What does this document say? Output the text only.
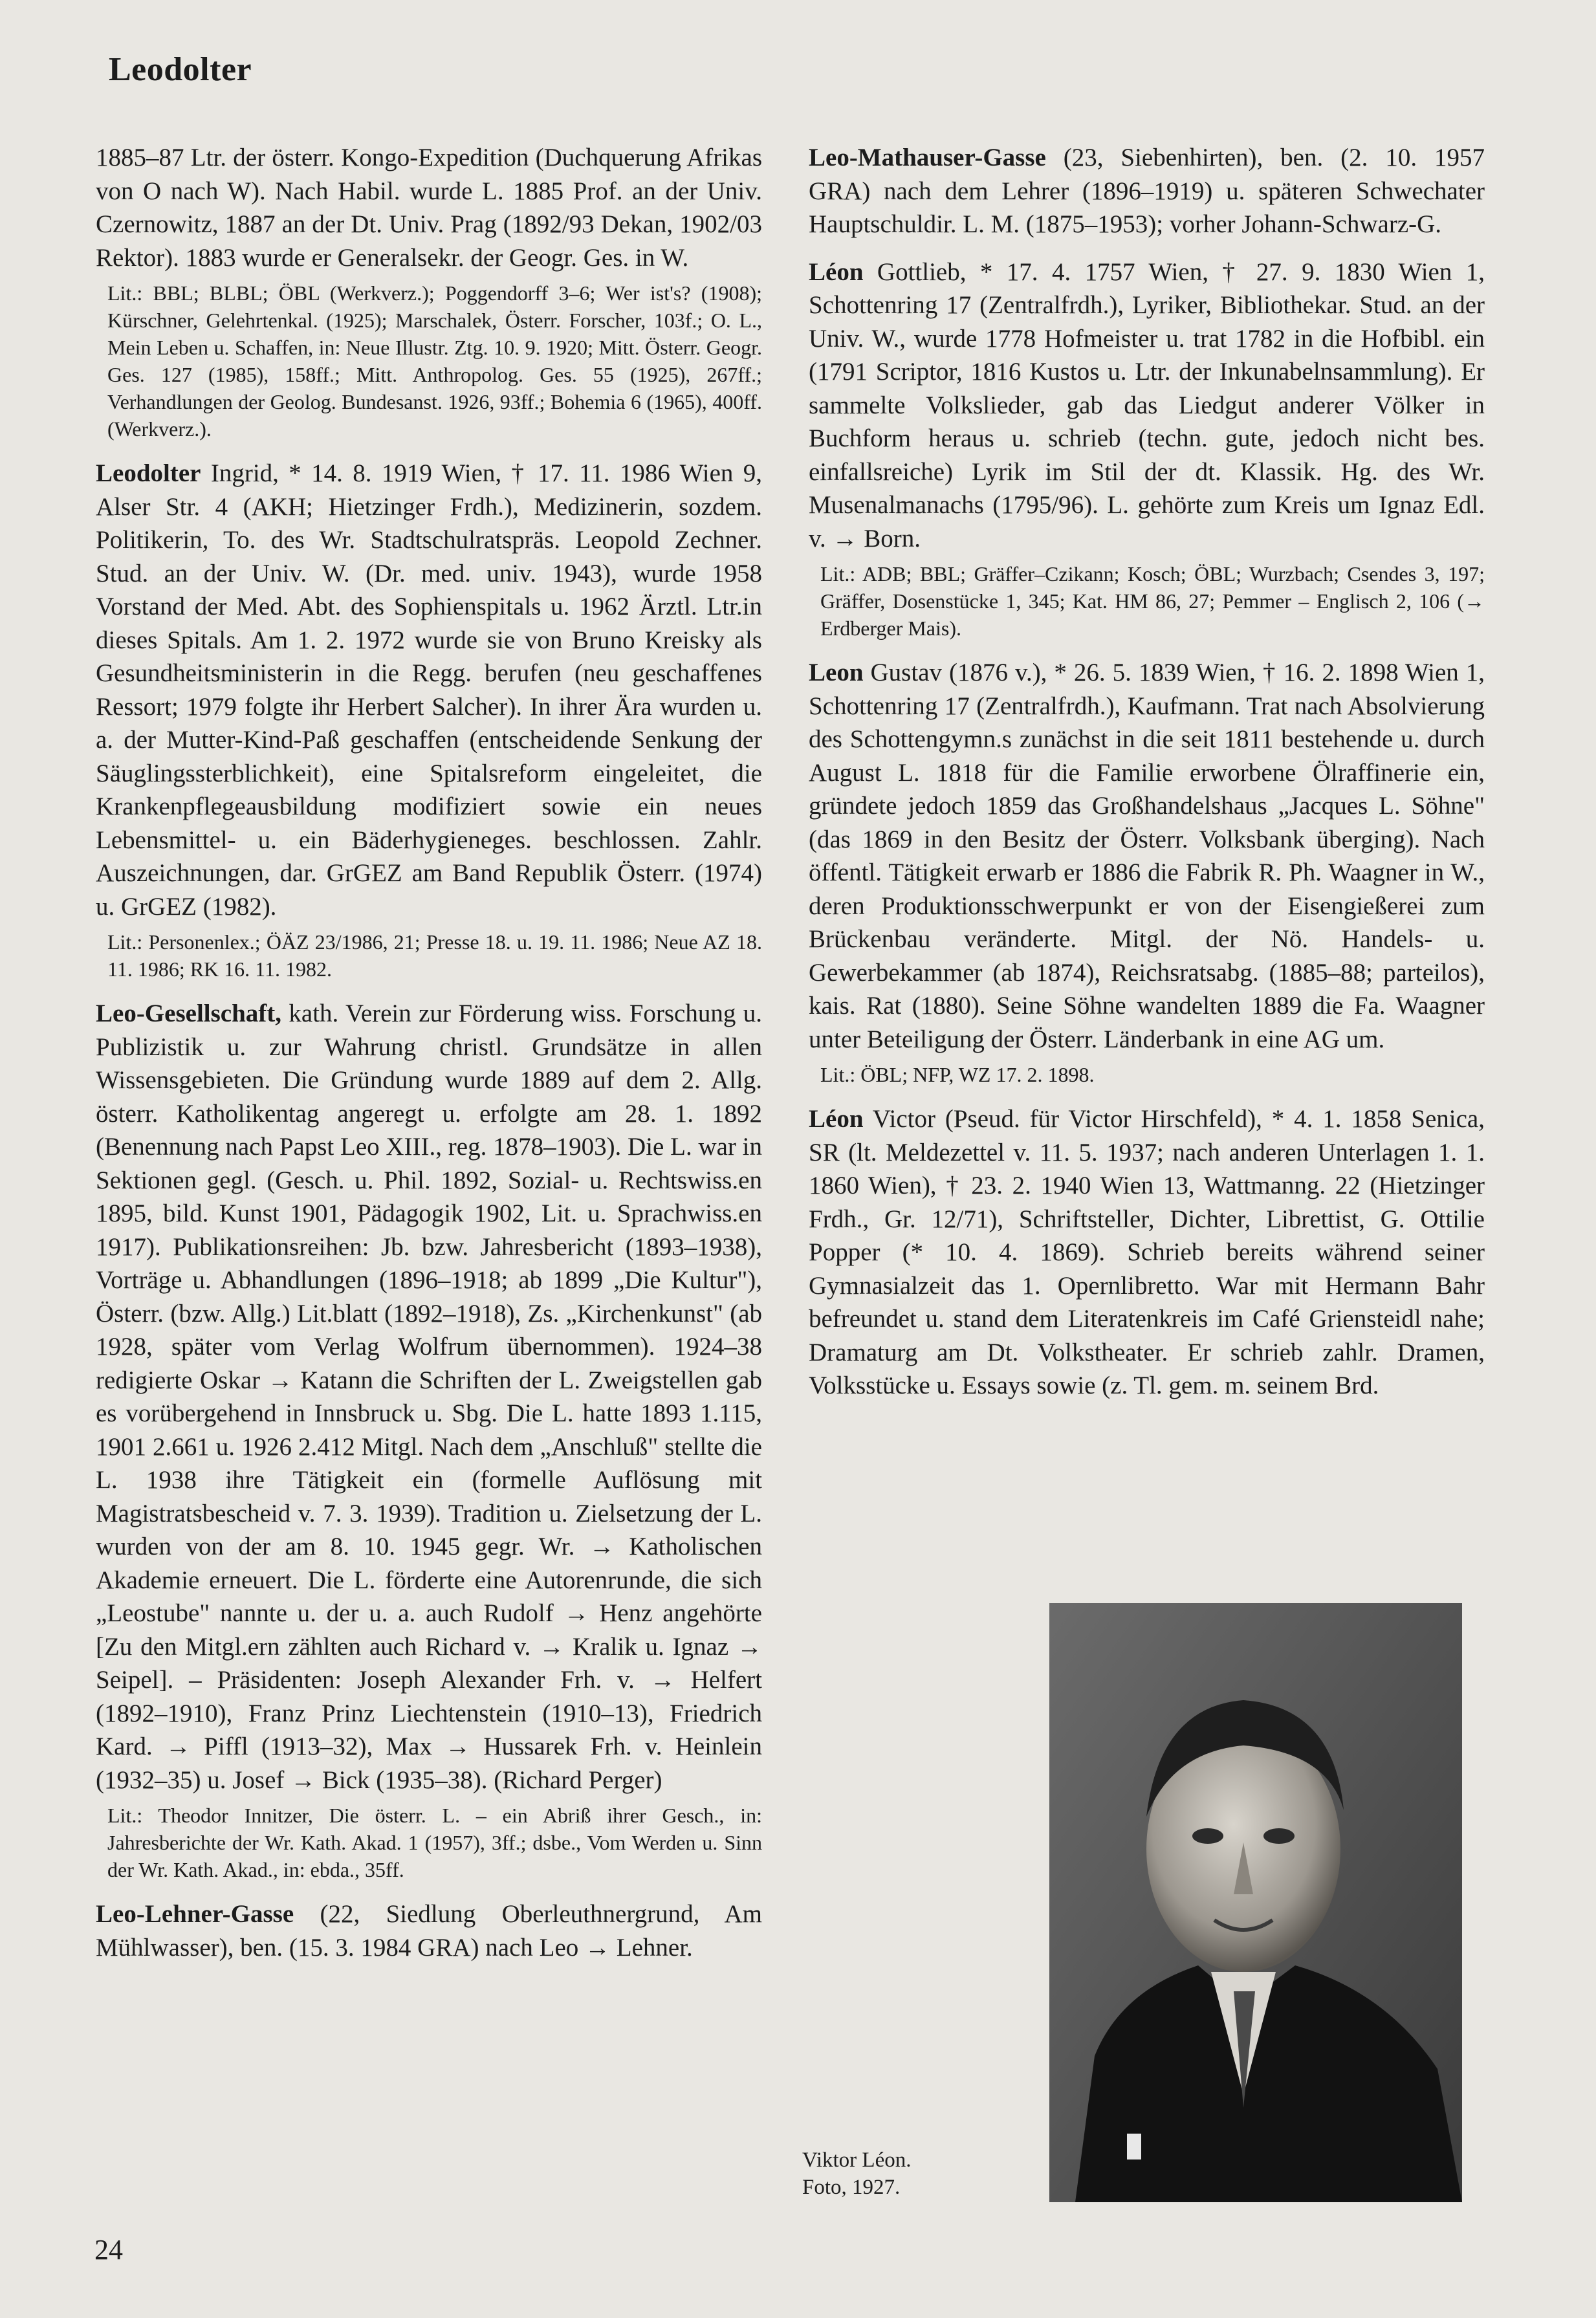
Leodolter

1885–87 Ltr. der österr. Kongo-Expedition (Duchquerung Afrikas von O nach W). Nach Habil. wurde L. 1885 Prof. an der Univ. Czernowitz, 1887 an der Dt. Univ. Prag (1892/93 Dekan, 1902/03 Rektor). 1883 wurde er Generalsekr. der Geogr. Ges. in W.

Lit.: BBL; BLBL; ÖBL (Werkverz.); Poggendorff 3–6; Wer ist's? (1908); Kürschner, Gelehrtenkal. (1925); Marschalek, Österr. Forscher, 103f.; O. L., Mein Leben u. Schaffen, in: Neue Illustr. Ztg. 10. 9. 1920; Mitt. Österr. Geogr. Ges. 127 (1985), 158ff.; Mitt. Anthropolog. Ges. 55 (1925), 267ff.; Verhandlungen der Geolog. Bundesanst. 1926, 93ff.; Bohemia 6 (1965), 400ff. (Werkverz.).

Leodolter Ingrid, * 14. 8. 1919 Wien, † 17. 11. 1986 Wien 9, Alser Str. 4 (AKH; Hietzinger Frdh.), Medizinerin, sozdem. Politikerin, To. des Wr. Stadtschulratspräs. Leopold Zechner. Stud. an der Univ. W. (Dr. med. univ. 1943), wurde 1958 Vorstand der Med. Abt. des Sophienspitals u. 1962 Ärztl. Ltr.in dieses Spitals. Am 1. 2. 1972 wurde sie von Bruno Kreisky als Gesundheitsministerin in die Regg. berufen (neu geschaffenes Ressort; 1979 folgte ihr Herbert Salcher). In ihrer Ära wurden u. a. der Mutter-Kind-Paß geschaffen (entscheidende Senkung der Säuglingssterblichkeit), eine Spitalsreform eingeleitet, die Krankenpflegeausbildung modifiziert sowie ein neues Lebensmittel- u. ein Bäderhygieneges. beschlossen. Zahlr. Auszeichnungen, dar. GrGEZ am Band Republik Österr. (1974) u. GrGEZ (1982).

Lit.: Personenlex.; ÖÄZ 23/1986, 21; Presse 18. u. 19. 11. 1986; Neue AZ 18. 11. 1986; RK 16. 11. 1982.

Leo-Gesellschaft, kath. Verein zur Förderung wiss. Forschung u. Publizistik u. zur Wahrung christl. Grundsätze in allen Wissensgebieten. Die Gründung wurde 1889 auf dem 2. Allg. österr. Katholikentag angeregt u. erfolgte am 28. 1. 1892 (Benennung nach Papst Leo XIII., reg. 1878–1903). Die L. war in Sektionen gegl. (Gesch. u. Phil. 1892, Sozial- u. Rechtswiss.en 1895, bild. Kunst 1901, Pädagogik 1902, Lit. u. Sprachwiss.en 1917). Publikationsreihen: Jb. bzw. Jahresbericht (1893–1938), Vorträge u. Abhandlungen (1896–1918; ab 1899 „Die Kultur"), Österr. (bzw. Allg.) Lit.blatt (1892–1918), Zs. „Kirchenkunst" (ab 1928, später vom Verlag Wolfrum übernommen). 1924–38 redigierte Oskar → Katann die Schriften der L. Zweigstellen gab es vorübergehend in Innsbruck u. Sbg. Die L. hatte 1893 1.115, 1901 2.661 u. 1926 2.412 Mitgl. Nach dem „Anschluß" stellte die L. 1938 ihre Tätigkeit ein (formelle Auflösung mit Magistratsbescheid v. 7. 3. 1939). Tradition u. Zielsetzung der L. wurden von der am 8. 10. 1945 gegr. Wr. → Katholischen Akademie erneuert. Die L. förderte eine Autorenrunde, die sich „Leostube" nannte u. der u. a. auch Rudolf → Henz angehörte [Zu den Mitgl.ern zählten auch Richard v. → Kralik u. Ignaz → Seipel]. – Präsidenten: Joseph Alexander Frh. v. → Helfert (1892–1910), Franz Prinz Liechtenstein (1910–13), Friedrich Kard. → Piffl (1913–32), Max → Hussarek Frh. v. Heinlein (1932–35) u. Josef → Bick (1935–38). (Richard Perger)

Lit.: Theodor Innitzer, Die österr. L. – ein Abriß ihrer Gesch., in: Jahresberichte der Wr. Kath. Akad. 1 (1957), 3ff.; dsbe., Vom Werden u. Sinn der Wr. Kath. Akad., in: ebda., 35ff.

Leo-Lehner-Gasse (22, Siedlung Oberleuthnergrund, Am Mühlwasser), ben. (15. 3. 1984 GRA) nach Leo → Lehner.

Leo-Mathauser-Gasse (23, Siebenhirten), ben. (2. 10. 1957 GRA) nach dem Lehrer (1896–1919) u. späteren Schwechater Hauptschuldir. L. M. (1875–1953); vorher Johann-Schwarz-G.

Léon Gottlieb, * 17. 4. 1757 Wien, † 27. 9. 1830 Wien 1, Schottenring 17 (Zentralfrdh.), Lyriker, Bibliothekar. Stud. an der Univ. W., wurde 1778 Hofmeister u. trat 1782 in die Hofbibl. ein (1791 Scriptor, 1816 Kustos u. Ltr. der Inkunabelnsammlung). Er sammelte Volkslieder, gab das Liedgut anderer Völker in Buchform heraus u. schrieb (techn. gute, jedoch nicht bes. einfallsreiche) Lyrik im Stil der dt. Klassik. Hg. des Wr. Musenalmanachs (1795/96). L. gehörte zum Kreis um Ignaz Edl. v. → Born.

Lit.: ADB; BBL; Gräffer–Czikann; Kosch; ÖBL; Wurzbach; Csendes 3, 197; Gräffer, Dosenstücke 1, 345; Kat. HM 86, 27; Pemmer – Englisch 2, 106 (→ Erdberger Mais).

Leon Gustav (1876 v.), * 26. 5. 1839 Wien, † 16. 2. 1898 Wien 1, Schottenring 17 (Zentralfrdh.), Kaufmann. Trat nach Absolvierung des Schottengymn.s zunächst in die seit 1811 bestehende u. durch August L. 1818 für die Familie erworbene Ölraffinerie ein, gründete jedoch 1859 das Großhandelshaus „Jacques L. Söhne" (das 1869 in den Besitz der Österr. Volksbank überging). Nach öffentl. Tätigkeit erwarb er 1886 die Fabrik R. Ph. Waagner in W., deren Produktionsschwerpunkt er von der Eisengießerei zum Brückenbau veränderte. Mitgl. der Nö. Handels- u. Gewerbekammer (ab 1874), Reichsratsabg. (1885–88; parteilos), kais. Rat (1880). Seine Söhne wandelten 1889 die Fa. Waagner unter Beteiligung der Österr. Länderbank in eine AG um.

Lit.: ÖBL; NFP, WZ 17. 2. 1898.

Léon Victor (Pseud. für Victor Hirschfeld), * 4. 1. 1858 Senica, SR (lt. Meldezettel v. 11. 5. 1937; nach anderen Unterlagen 1. 1. 1860 Wien), † 23. 2. 1940 Wien 13, Wattmanng. 22 (Hietzinger Frdh., Gr. 12/71), Schriftsteller, Dichter, Librettist, G. Ottilie Popper (* 10. 4. 1869). Schrieb bereits während seiner Gymnasialzeit das 1. Opernlibretto. War mit Hermann Bahr befreundet u. stand dem Literatenkreis im Café Griensteidl nahe; Dramaturg am Dt. Volkstheater. Er schrieb zahlr. Dramen, Volksstücke u. Essays sowie (z. Tl. gem. m. seinem Brd.

Viktor Léon.
Foto, 1927.
24
